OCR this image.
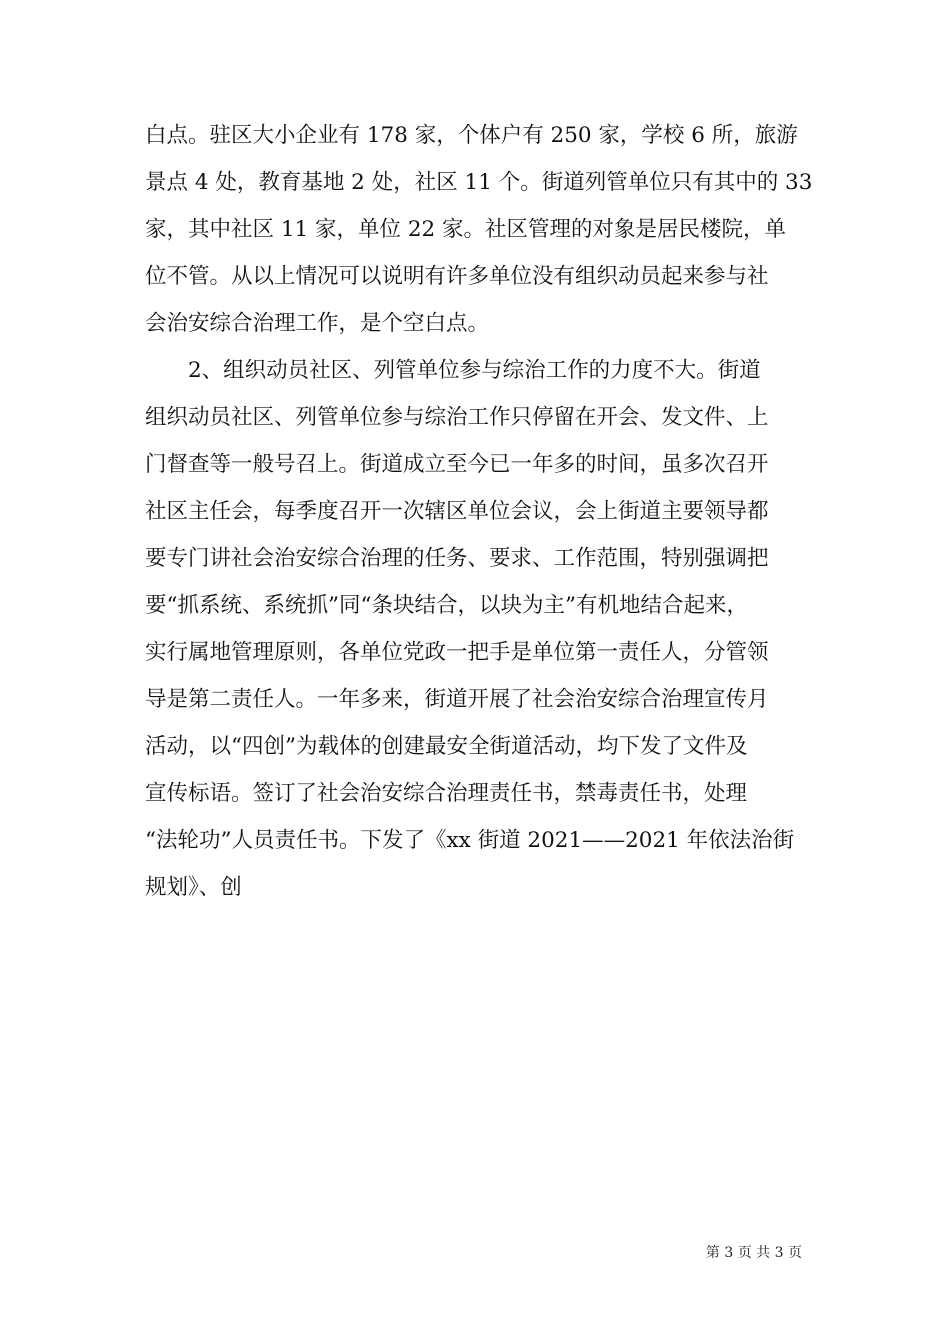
白点。驻区大小企业有 178 家，个体户有 250 家，学校 6 所，旅游
景点 4 处，教育基地 2 处，社区 11 个。街道列管单位只有其中的 33
家，其中社区 11 家，单位 22 家。社区管理的对象是居民楼院，单
位不管。从以上情况可以说明有许多单位没有组织动员起来参与社
会治安综合治理工作，是个空白点。
　　2、组织动员社区、列管单位参与综治工作的力度不大。街道
组织动员社区、列管单位参与综治工作只停留在开会、发文件、上
门督查等一般号召上。街道成立至今已一年多的时间，虽多次召开
社区主任会，每季度召开一次辖区单位会议，会上街道主要领导都
要专门讲社会治安综合治理的任务、要求、工作范围，特别强调把
要“抓系统、系统抓”同“条块结合，以块为主”有机地结合起来，
实行属地管理原则，各单位党政一把手是单位第一责任人，分管领
导是第二责任人。一年多来，街道开展了社会治安综合治理宣传月
活动，以“四创”为载体的创建最安全街道活动，均下发了文件及
宣传标语。签订了社会治安综合治理责任书，禁毒责任书，处理
“法轮功”人员责任书。下发了《xx 街道 2021——2021 年依法治街
规划》、创
第 3 页 共 3 页
